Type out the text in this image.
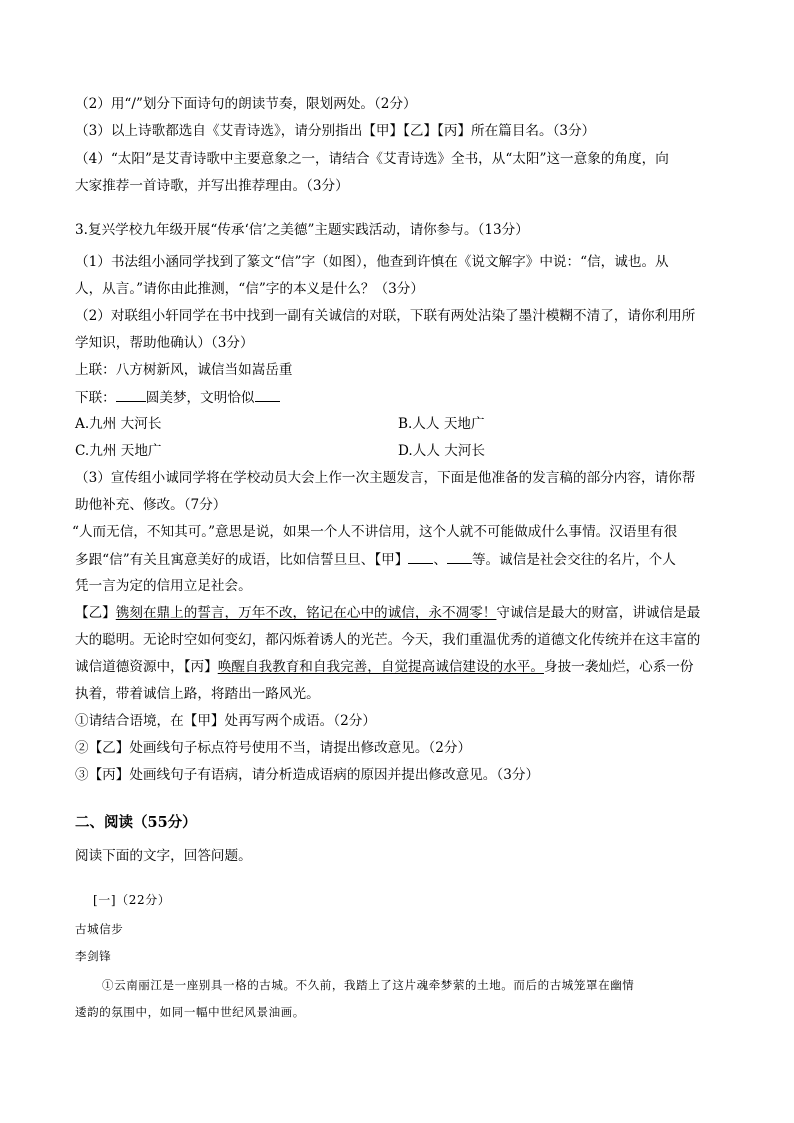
（2）用“/”划分下面诗句的朗读节奏，限划两处。（2分）
（3）以上诗歌都选自《艾青诗选》，请分别指出【甲】【乙】【丙】所在篇目名。（3分）
（4）“太阳”是艾青诗歌中主要意象之一，请结合《艾青诗选》全书，从“太阳”这一意象的角度，向
大家推荐一首诗歌，并写出推荐理由。（3分）
3.复兴学校九年级开展“传承‘信’之美德”主题实践活动，请你参与。（13分）
（1）书法组小涵同学找到了篆文“信”字（如图），他查到许慎在《说文解字》中说：“信，诚也。从
人，从言。”请你由此推测，“信”字的本义是什么？（3分）
（2）对联组小轩同学在书中找到一副有关诚信的对联，下联有两处沾染了墨汁模糊不清了，请你利用所
学知识，帮助他确认）（3分）
上联：八方树新风，诚信当如嵩岳重
下联： 圆美梦，文明恰似
A.九州 大河长	B.人人 天地广
C.九州 天地广	D.人人 大河长
（3）宣传组小诚同学将在学校动员大会上作一次主题发言，下面是他准备的发言稿的部分内容，请你帮
助他补充、修改。（7分）
“人而无信，不知其可。”意思是说，如果一个人不讲信用，这个人就不可能做成什么事情。汉语里有很
多跟“信”有关且寓意美好的成语，比如信誓旦旦、【甲】 、 等。诚信是社会交往的名片，个人
凭一言为定的信用立足社会。
【乙】镌刻在鼎上的誓言，万年不改，铭记在心中的诚信，永不凋零！守诚信是最大的财富，讲诚信是最
大的聪明。无论时空如何变幻，都闪烁着诱人的光芒。今天，我们重温优秀的道德文化传统并在这丰富的
诚信道德资源中，【丙】唤醒自我教育和自我完善，自觉提高诚信建设的水平。身披一袭灿烂，心系一份
执着，带着诚信上路，将踏出一路风光。
①请结合语境，在【甲】处再写两个成语。（2分）
②【乙】处画线句子标点符号使用不当，请提出修改意见。（2分）
③【丙】处画线句子有语病，请分析造成语病的原因并提出修改意见。（3分）
二、阅读（55分）
阅读下面的文字，回答问题。
[一]（22分）
古城信步
李剑锋
①云南丽江是一座别具一格的古城。不久前，我踏上了这片魂牵梦萦的土地。而后的古城笼罩在幽情
逶韵的氛围中，如同一幅中世纪风景油画。
